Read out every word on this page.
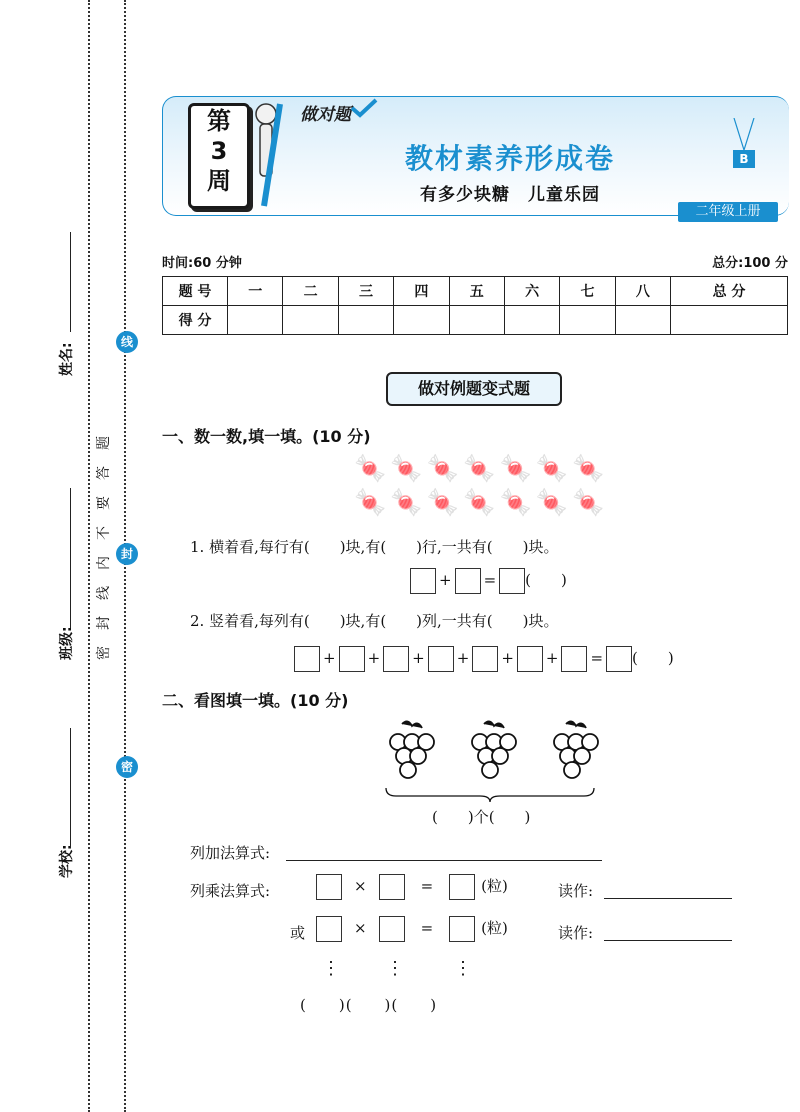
线
封
密
姓名:
班级:
学校:
题
答
要
不
内
线
封
密
第
3
周
做对题
教材素养形成卷
有多少块糖　儿童乐园
B
二年级上册
时间:60 分钟	总分:100 分
题 号	一	二	三	四	五	六	七	八	总 分
得 分									
做对例题变式题
一、数一数,填一填。(10 分)
🍬🍬🍬🍬🍬🍬🍬
🍬🍬🍬🍬🍬🍬🍬
1. 横着看,每行有(　　)块,有(　　)行,一共有(　　)块。
+ = (　　)
2. 竖着看,每列有(　　)块,有(　　)列,一共有(　　)块。
+ + + + + + = (　　)
二、看图填一填。(10 分)
(　　)个(　　)
列加法算式:
列乘法算式:	×	=	(粒)	读作:
或	×	=	(粒)	读作:
⋮	⋮	⋮
(　　)(　　)(　　)
